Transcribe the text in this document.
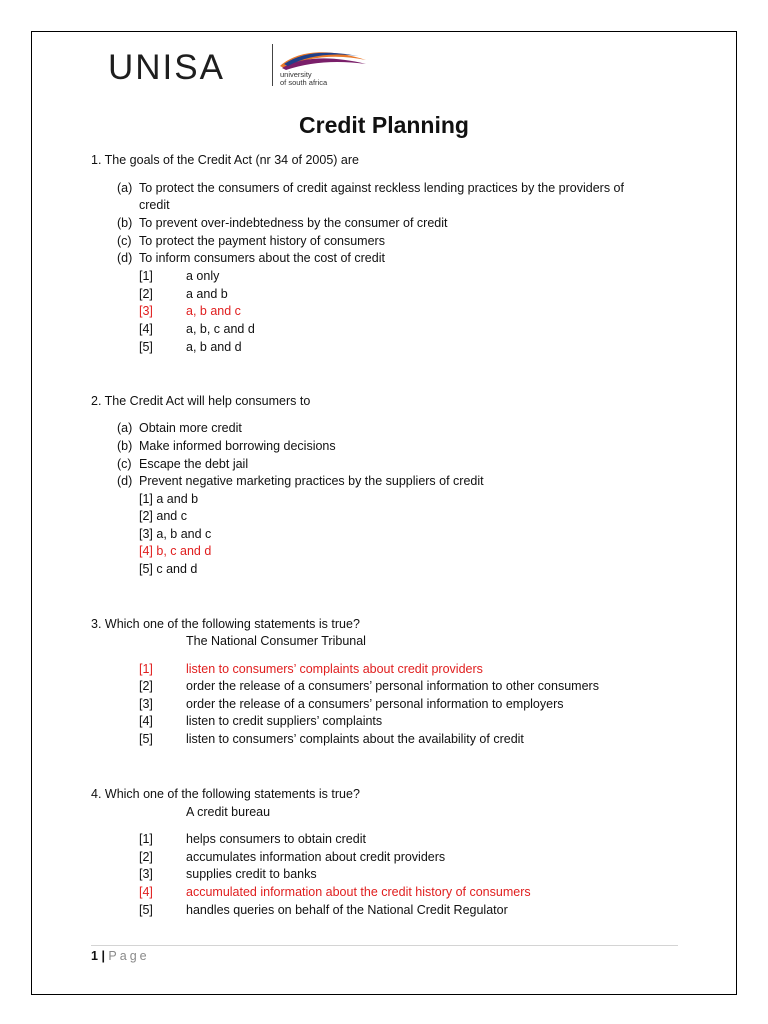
UNISA	university
of south africa
Credit Planning
1. The goals of the Credit Act (nr 34 of 2005) are
(a) To protect the consumers of credit against reckless lending practices by the providers of
credit
(b) To prevent over-indebtedness by the consumer of credit
(c) To protect the payment history of consumers
(d) To inform consumers about the cost of credit
[1]	a only
[2]	a and b
[3]	a, b and c
[4]	a, b, c and d
[5]	a, b and d
2. The Credit Act will help consumers to
(a) Obtain more credit
(b) Make informed borrowing decisions
(c) Escape the debt jail
(d) Prevent negative marketing practices by the suppliers of credit
[1] a and b
[2] and c
[3] a, b and c
[4] b, c and d
[5] c and d
3. Which one of the following statements is true?
The National Consumer Tribunal
[1]	listen to consumers’ complaints about credit providers
[2]	order the release of a consumers’ personal information to other consumers
[3]	order the release of a consumers’ personal information to employers
[4]	listen to credit suppliers’ complaints
[5]	listen to consumers’ complaints about the availability of credit
4. Which one of the following statements is true?
A credit bureau
[1]	helps consumers to obtain credit
[2]	accumulates information about credit providers
[3]	supplies credit to banks
[4]	accumulated information about the credit history of consumers
[5]	handles queries on behalf of the National Credit Regulator
1 | Page
